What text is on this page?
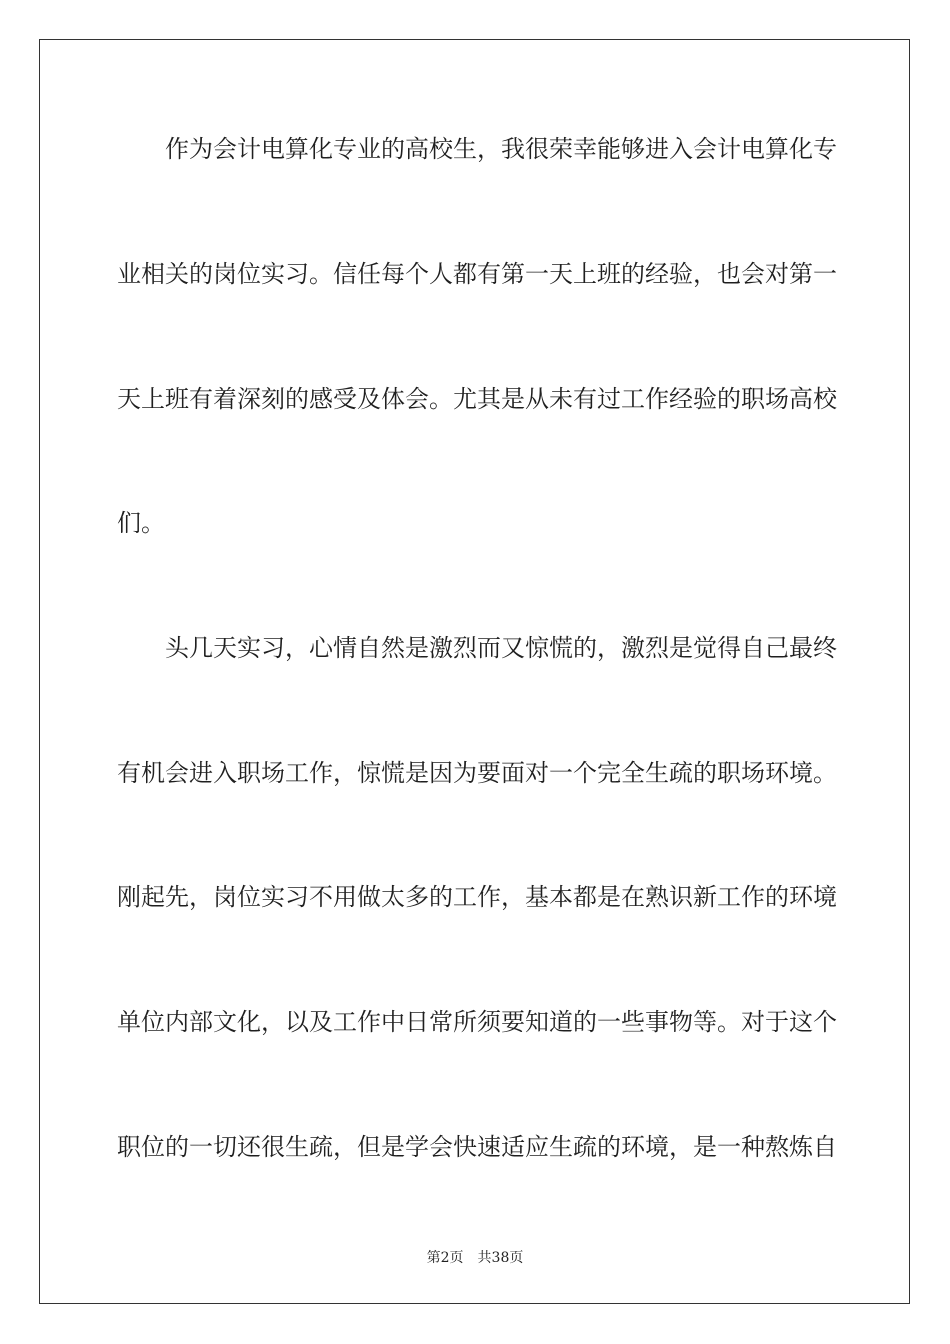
作为会计电算化专业的高校生，我很荣幸能够进入会计电算化专
业相关的岗位实习。信任每个人都有第一天上班的经验，也会对第一
天上班有着深刻的感受及体会。尤其是从未有过工作经验的职场高校
们。
头几天实习，心情自然是激烈而又惊慌的，激烈是觉得自己最终
有机会进入职场工作，惊慌是因为要面对一个完全生疏的职场环境。
刚起先，岗位实习不用做太多的工作，基本都是在熟识新工作的环境
单位内部文化，以及工作中日常所须要知道的一些事物等。对于这个
职位的一切还很生疏，但是学会快速适应生疏的环境，是一种熬炼自
第2页 共38页
